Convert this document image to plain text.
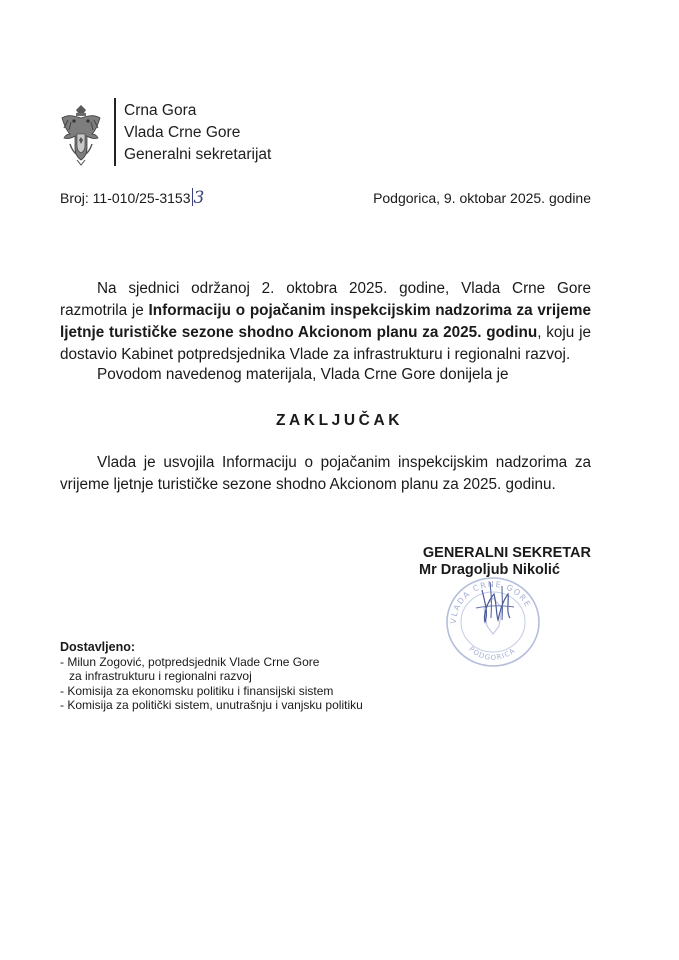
Crna Gora
Vlada Crne Gore
Generalni sekretarijat
Broj: 11-010/25-3153 3	Podgorica, 9. oktobar 2025. godine
Na sjednici održanoj 2. oktobra 2025. godine, Vlada Crne Gore razmotrila je Informaciju o pojačanim inspekcijskim nadzorima za vrijeme ljetnje turističke sezone shodno Akcionom planu za 2025. godinu, koju je dostavio Kabinet potpredsjednika Vlade za infrastrukturu i regionalni razvoj.
Povodom navedenog materijala, Vlada Crne Gore donijela je
ZAKLJUČAK
Vlada je usvojila Informaciju o pojačanim inspekcijskim nadzorima za vrijeme ljetnje turističke sezone shodno Akcionom planu za 2025. godinu.
GENERALNI SEKRETAR
Mr Dragoljub Nikolić
VLADA CRNE GORE
PODGORICA
Dostavljeno:
- Milun Zogović, potpredsjednik Vlade Crne Gore
za infrastrukturu i regionalni razvoj
- Komisija za ekonomsku politiku i finansijski sistem
- Komisija za politički sistem, unutrašnju i vanjsku politiku
